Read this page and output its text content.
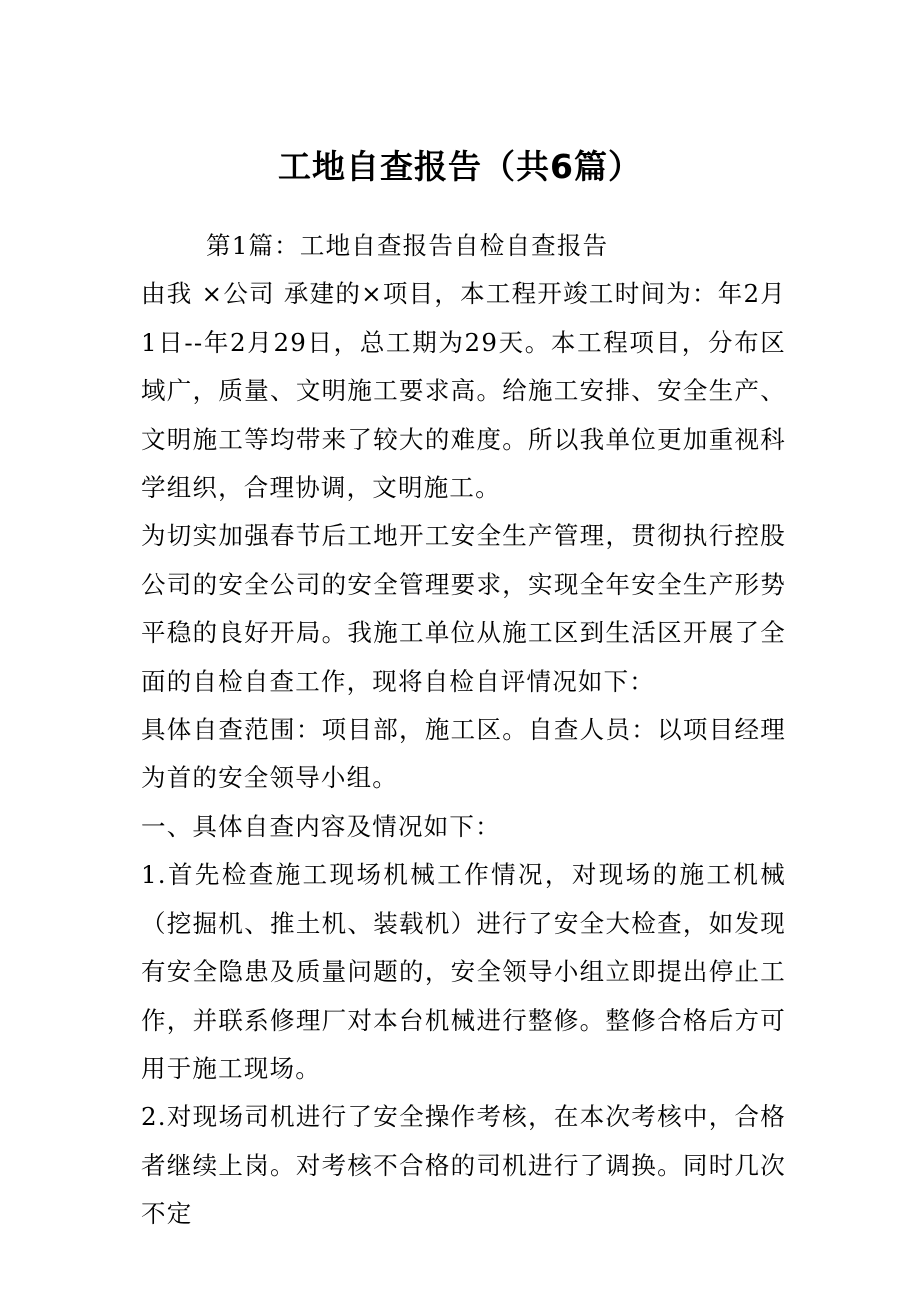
工地自查报告（共6篇）

第1篇：工地自查报告自检自查报告

由我 ×公司 承建的×项目，本工程开竣工时间为：年2月1日--年2月29日，总工期为29天。本工程项目，分布区域广，质量、文明施工要求高。给施工安排、安全生产、文明施工等均带来了较大的难度。所以我单位更加重视科学组织，合理协调，文明施工。

为切实加强春节后工地开工安全生产管理，贯彻执行控股公司的安全公司的安全管理要求，实现全年安全生产形势平稳的良好开局。我施工单位从施工区到生活区开展了全面的自检自查工作，现将自检自评情况如下：

具体自查范围：项目部，施工区。自查人员：以项目经理为首的安全领导小组。

一、具体自查内容及情况如下：

1.首先检查施工现场机械工作情况，对现场的施工机械（挖掘机、推土机、装载机）进行了安全大检查，如发现有安全隐患及质量问题的，安全领导小组立即提出停止工作，并联系修理厂对本台机械进行整修。整修合格后方可用于施工现场。

2.对现场司机进行了安全操作考核，在本次考核中，合格者继续上岗。对考核不合格的司机进行了调换。同时几次不定
